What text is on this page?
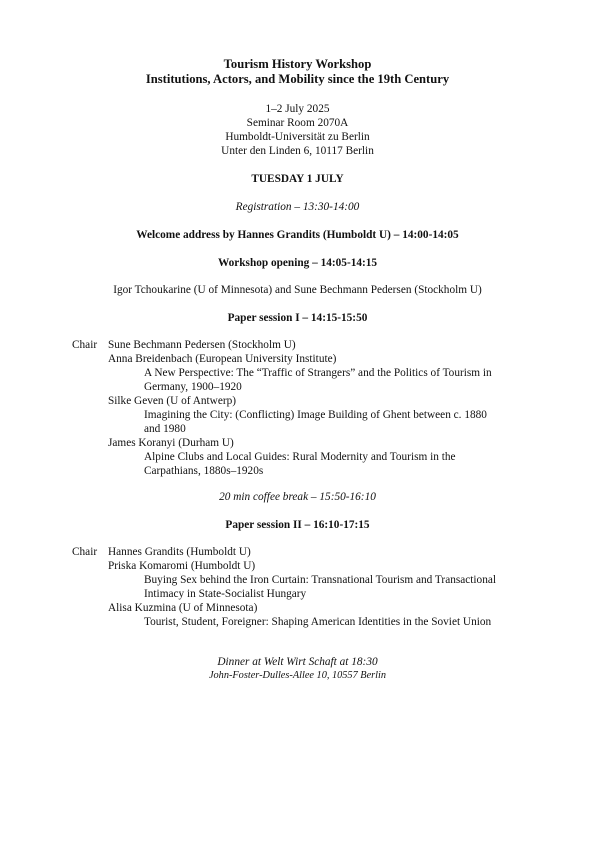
Tourism History Workshop
Institutions, Actors, and Mobility since the 19th Century
1–2 July 2025
Seminar Room 2070A
Humboldt-Universität zu Berlin
Unter den Linden 6, 10117 Berlin
TUESDAY 1 JULY
Registration – 13:30-14:00
Welcome address by Hannes Grandits (Humboldt U) – 14:00-14:05
Workshop opening – 14:05-14:15
Igor Tchoukarine (U of Minnesota) and Sune Bechmann Pedersen (Stockholm U)
Paper session I – 14:15-15:50
Chair Sune Bechmann Pedersen (Stockholm U)
Anna Breidenbach (European University Institute)
A New Perspective: The “Traffic of Strangers” and the Politics of Tourism in
Germany, 1900–1920
Silke Geven (U of Antwerp)
Imagining the City: (Conflicting) Image Building of Ghent between c. 1880
and 1980
James Koranyi (Durham U)
Alpine Clubs and Local Guides: Rural Modernity and Tourism in the
Carpathians, 1880s–1920s
20 min coffee break – 15:50-16:10
Paper session II – 16:10-17:15
Chair Hannes Grandits (Humboldt U)
Priska Komaromi (Humboldt U)
Buying Sex behind the Iron Curtain: Transnational Tourism and Transactional
Intimacy in State-Socialist Hungary
Alisa Kuzmina (U of Minnesota)
Tourist, Student, Foreigner: Shaping American Identities in the Soviet Union
Dinner at Welt Wirt Schaft at 18:30
John-Foster-Dulles-Allee 10, 10557 Berlin
